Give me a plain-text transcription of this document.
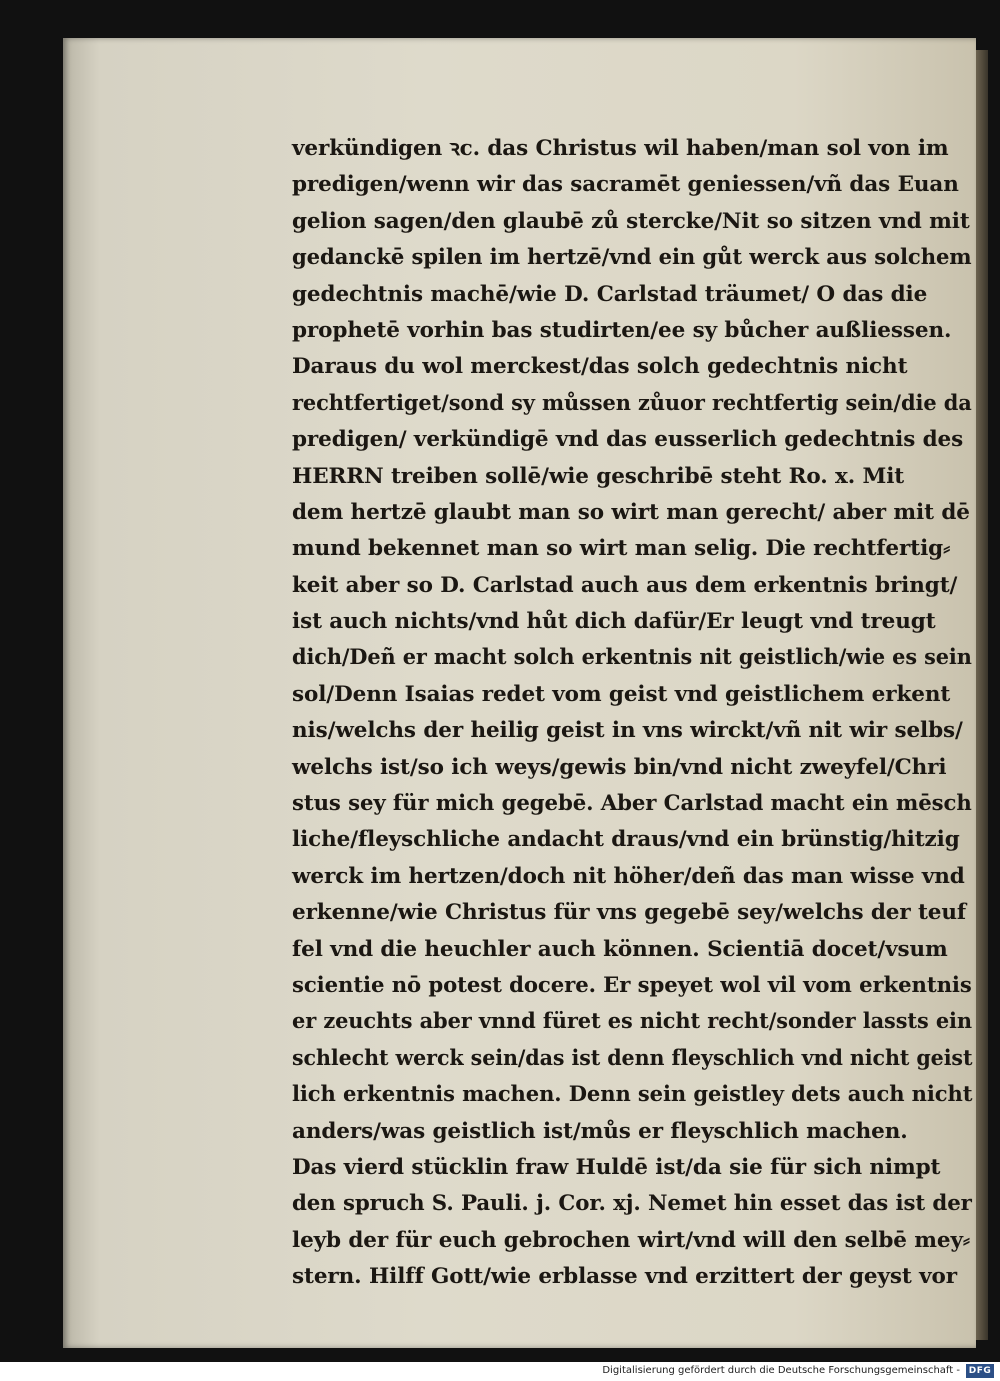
verkündigen ꝛc. das Christus wil haben/man sol von im
predigen/wenn wir das sacramēt geniessen/vñ das Euan
gelion sagen/den glaubē zů stercke/Nit so sitzen vnd mit
gedanckē spilen im hertzē/vnd ein gůt werck aus solchem
gedechtnis machē/wie D. Carlstad träumet/ O das die
prophetē vorhin bas studirten/ee sy bůcher außliessen.
Daraus du wol merckest/das solch gedechtnis nicht
rechtfertiget/sond sy můssen zůuor rechtfertig sein/die da
predigen/ verkündigē vnd das eusserlich gedechtnis des
HERRN treiben sollē/wie geschribē steht Ro. x. Mit
dem hertzē glaubt man so wirt man gerecht/ aber mit dē
mund bekennet man so wirt man selig. Die rechtfertig⸗
keit aber so D. Carlstad auch aus dem erkentnis bringt/
ist auch nichts/vnd hůt dich dafür/Er leugt vnd treugt
dich/Deñ er macht solch erkentnis nit geistlich/wie es sein
sol/Denn Isaias redet vom geist vnd geistlichem erkent
nis/welchs der heilig geist in vns wirckt/vñ nit wir selbs/
welchs ist/so ich weys/gewis bin/vnd nicht zweyfel/Chri
stus sey für mich gegebē. Aber Carlstad macht ein mēsch
liche/fleyschliche andacht draus/vnd ein brünstig/hitzig
werck im hertzen/doch nit höher/deñ das man wisse vnd
erkenne/wie Christus für vns gegebē sey/welchs der teuf
fel vnd die heuchler auch können. Scientiā docet/vsum
scientie nō potest docere. Er speyet wol vil vom erkentnis
er zeuchts aber vnnd füret es nicht recht/sonder lassts ein
schlecht werck sein/das ist denn fleyschlich vnd nicht geist
lich erkentnis machen. Denn sein geistley dets auch nicht
anders/was geistlich ist/můs er fleyschlich machen.
Das vierd stücklin fraw Huldē ist/da sie für sich nimpt
den spruch S. Pauli. j. Cor. xj. Nemet hin esset das ist der
leyb der für euch gebrochen wirt/vnd will den selbē mey⸗
stern. Hilff Gott/wie erblasse vnd erzittert der geyst vor
Digitalisierung gefördert durch die Deutsche Forschungsgemeinschaft - DFG
